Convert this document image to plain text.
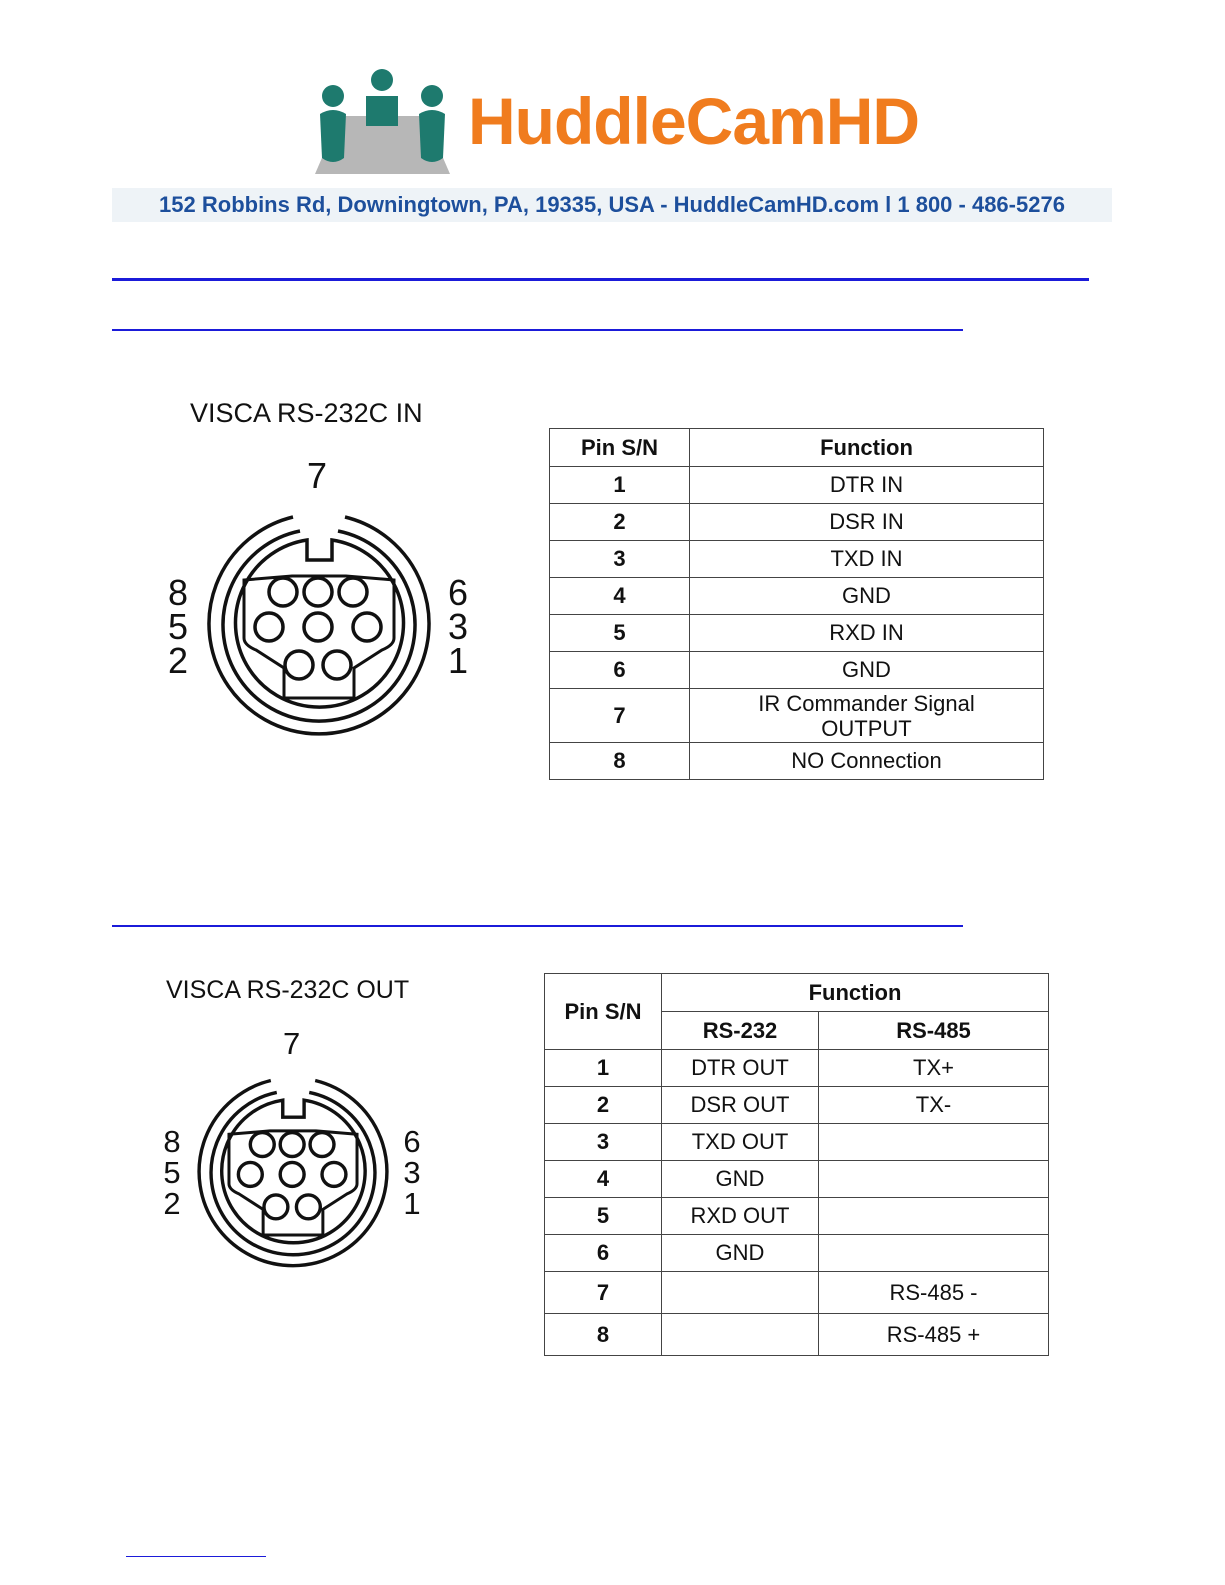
HuddleCamHD
152 Robbins Rd, Downingtown, PA, 19335, USA - HuddleCamHD.com l 1 800 - 486-5276
VISCA RS-232C IN
7
8
5
2
6
3
1
Pin S/N	Function
1	DTR IN
2	DSR IN
3	TXD IN
4	GND
5	RXD IN
6	GND
7	IR Commander Signal OUTPUT
8	NO Connection
VISCA RS-232C OUT
7
8
5
2
6
3
1
Pin S/N	Function	
	RS-232	RS-485
1	DTR OUT	TX+
2	DSR OUT	TX-
3	TXD OUT	
4	GND	
5	RXD OUT	
6	GND	
7		RS-485 -
8		RS-485 +
